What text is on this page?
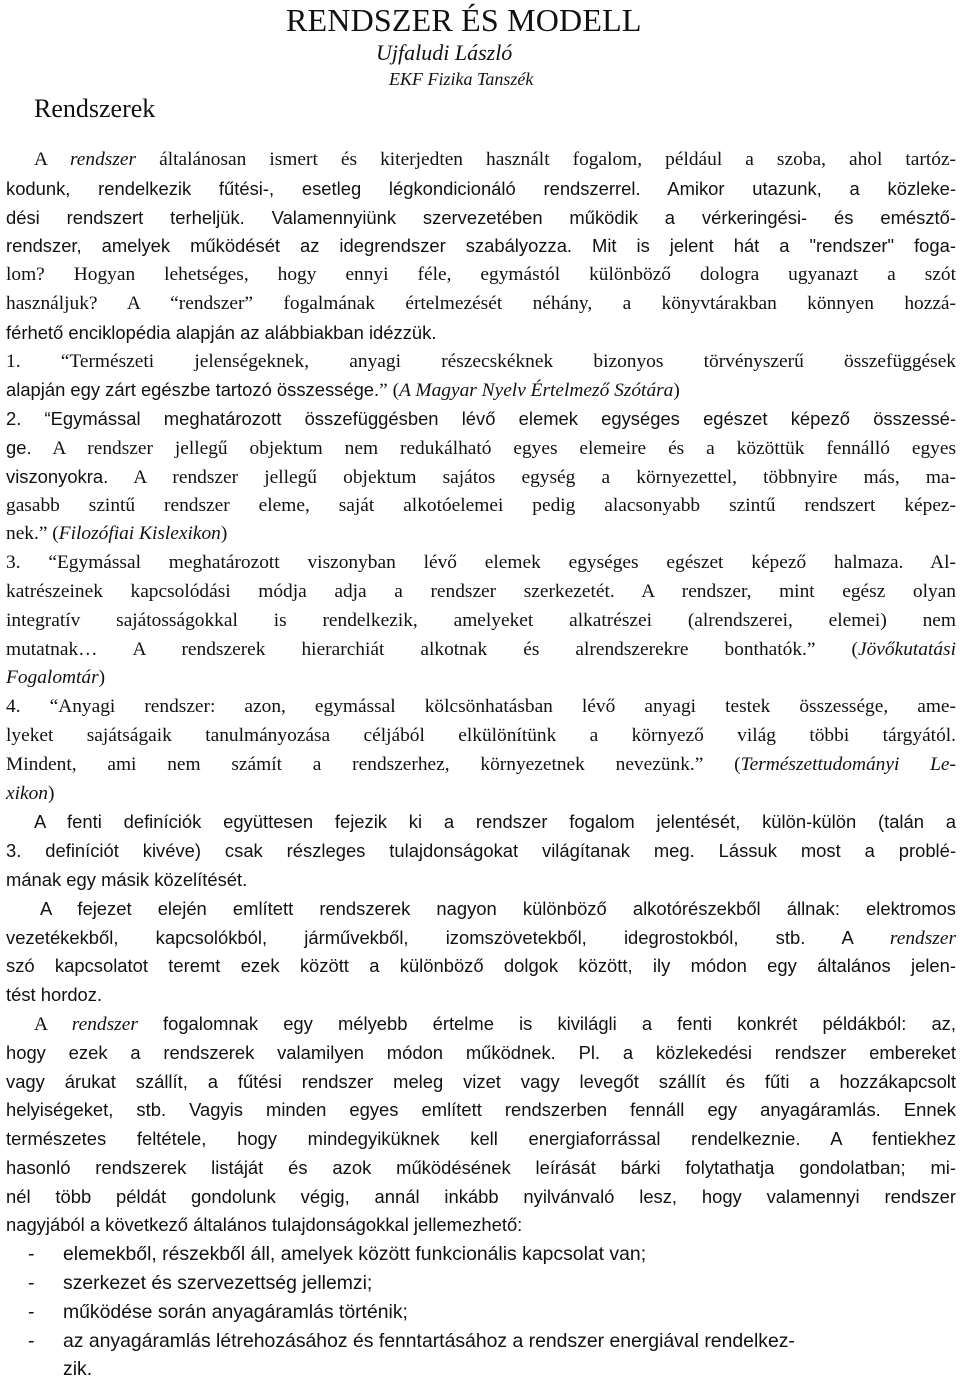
RENDSZER ÉS MODELL
Ujfaludi László
EKF Fizika Tanszék
Rendszerek
A rendszer általánosan ismert és kiterjedten használt fogalom, például a szoba, ahol tartóz-
kodunk, rendelkezik fűtési-, esetleg légkondicionáló rendszerrel. Amikor utazunk, a közleke-
dési rendszert terheljük. Valamennyiünk szervezetében működik a vérkeringési- és emésztő-
rendszer, amelyek működését az idegrendszer szabályozza. Mit is jelent hát a "rendszer" foga-
lom? Hogyan lehetséges, hogy ennyi féle, egymástól különböző dologra ugyanazt a szót
használjuk? A “rendszer” fogalmának értelmezését néhány, a könyvtárakban könnyen hozzá-
férhető enciklopédia alapján az alábbiakban idézzük.
1. “Természeti jelenségeknek, anyagi részecskéknek bizonyos törvényszerű összefüggések
alapján egy zárt egészbe tartozó összessége.” (A Magyar Nyelv Értelmező Szótára)
2. “Egymással meghatározott összefüggésben lévő elemek egységes egészet képező összessé-
ge. A rendszer jellegű objektum nem redukálható egyes elemeire és a közöttük fennálló egyes
viszonyokra. A rendszer jellegű objektum sajátos egység a környezettel, többnyire más, ma-
gasabb szintű rendszer eleme, saját alkotóelemei pedig alacsonyabb szintű rendszert képez-
nek.” (Filozófiai Kislexikon)
3. “Egymással meghatározott viszonyban lévő elemek egységes egészet képező halmaza. Al-
katrészeinek kapcsolódási módja adja a rendszer szerkezetét. A rendszer, mint egész olyan
integratív sajátosságokkal is rendelkezik, amelyeket alkatrészei (alrendszerei, elemei) nem
mutatnak… A rendszerek hierarchiát alkotnak és alrendszerekre bonthatók.” (Jövőkutatási
Fogalomtár)
4. “Anyagi rendszer: azon, egymással kölcsönhatásban lévő anyagi testek összessége, ame-
lyeket sajátságaik tanulmányozása céljából elkülönítünk a környező világ többi tárgyától.
Mindent, ami nem számít a rendszerhez, környezetnek nevezünk.” (Természettudományi Le-
xikon)
A fenti definíciók együttesen fejezik ki a rendszer fogalom jelentését, külön-külön (talán a
3. definíciót kivéve) csak részleges tulajdonságokat világítanak meg. Lássuk most a problé-
mának egy másik közelítését.
A fejezet elején említett rendszerek nagyon különböző alkotórészekből állnak: elektromos
vezetékekből, kapcsolókból, járművekből, izomszövetekből, idegrostokból, stb. A rendszer
szó kapcsolatot teremt ezek között a különböző dolgok között, ily módon egy általános jelen-
tést hordoz.
A rendszer fogalomnak egy mélyebb értelme is kivilágli a fenti konkrét példákból: az,
hogy ezek a rendszerek valamilyen módon működnek. Pl. a közlekedési rendszer embereket
vagy árukat szállít, a fűtési rendszer meleg vizet vagy levegőt szállít és fűti a hozzákapcsolt
helyiségeket, stb. Vagyis minden egyes említett rendszerben fennáll egy anyagáramlás. Ennek
természetes feltétele, hogy mindegyiküknek kell energiaforrással rendelkeznie. A fentiekhez
hasonló rendszerek listáját és azok működésének leírását bárki folytathatja gondolatban; mi-
nél több példát gondolunk végig, annál inkább nyilvánvaló lesz, hogy valamennyi rendszer
nagyjából a következő általános tulajdonságokkal jellemezhető:
- elemekből, részekből áll, amelyek között funkcionális kapcsolat van;
- szerkezet és szervezettség jellemzi;
- működése során anyagáramlás történik;
- az anyagáramlás létrehozásához és fenntartásához a rendszer energiával rendelkez-
zik.
